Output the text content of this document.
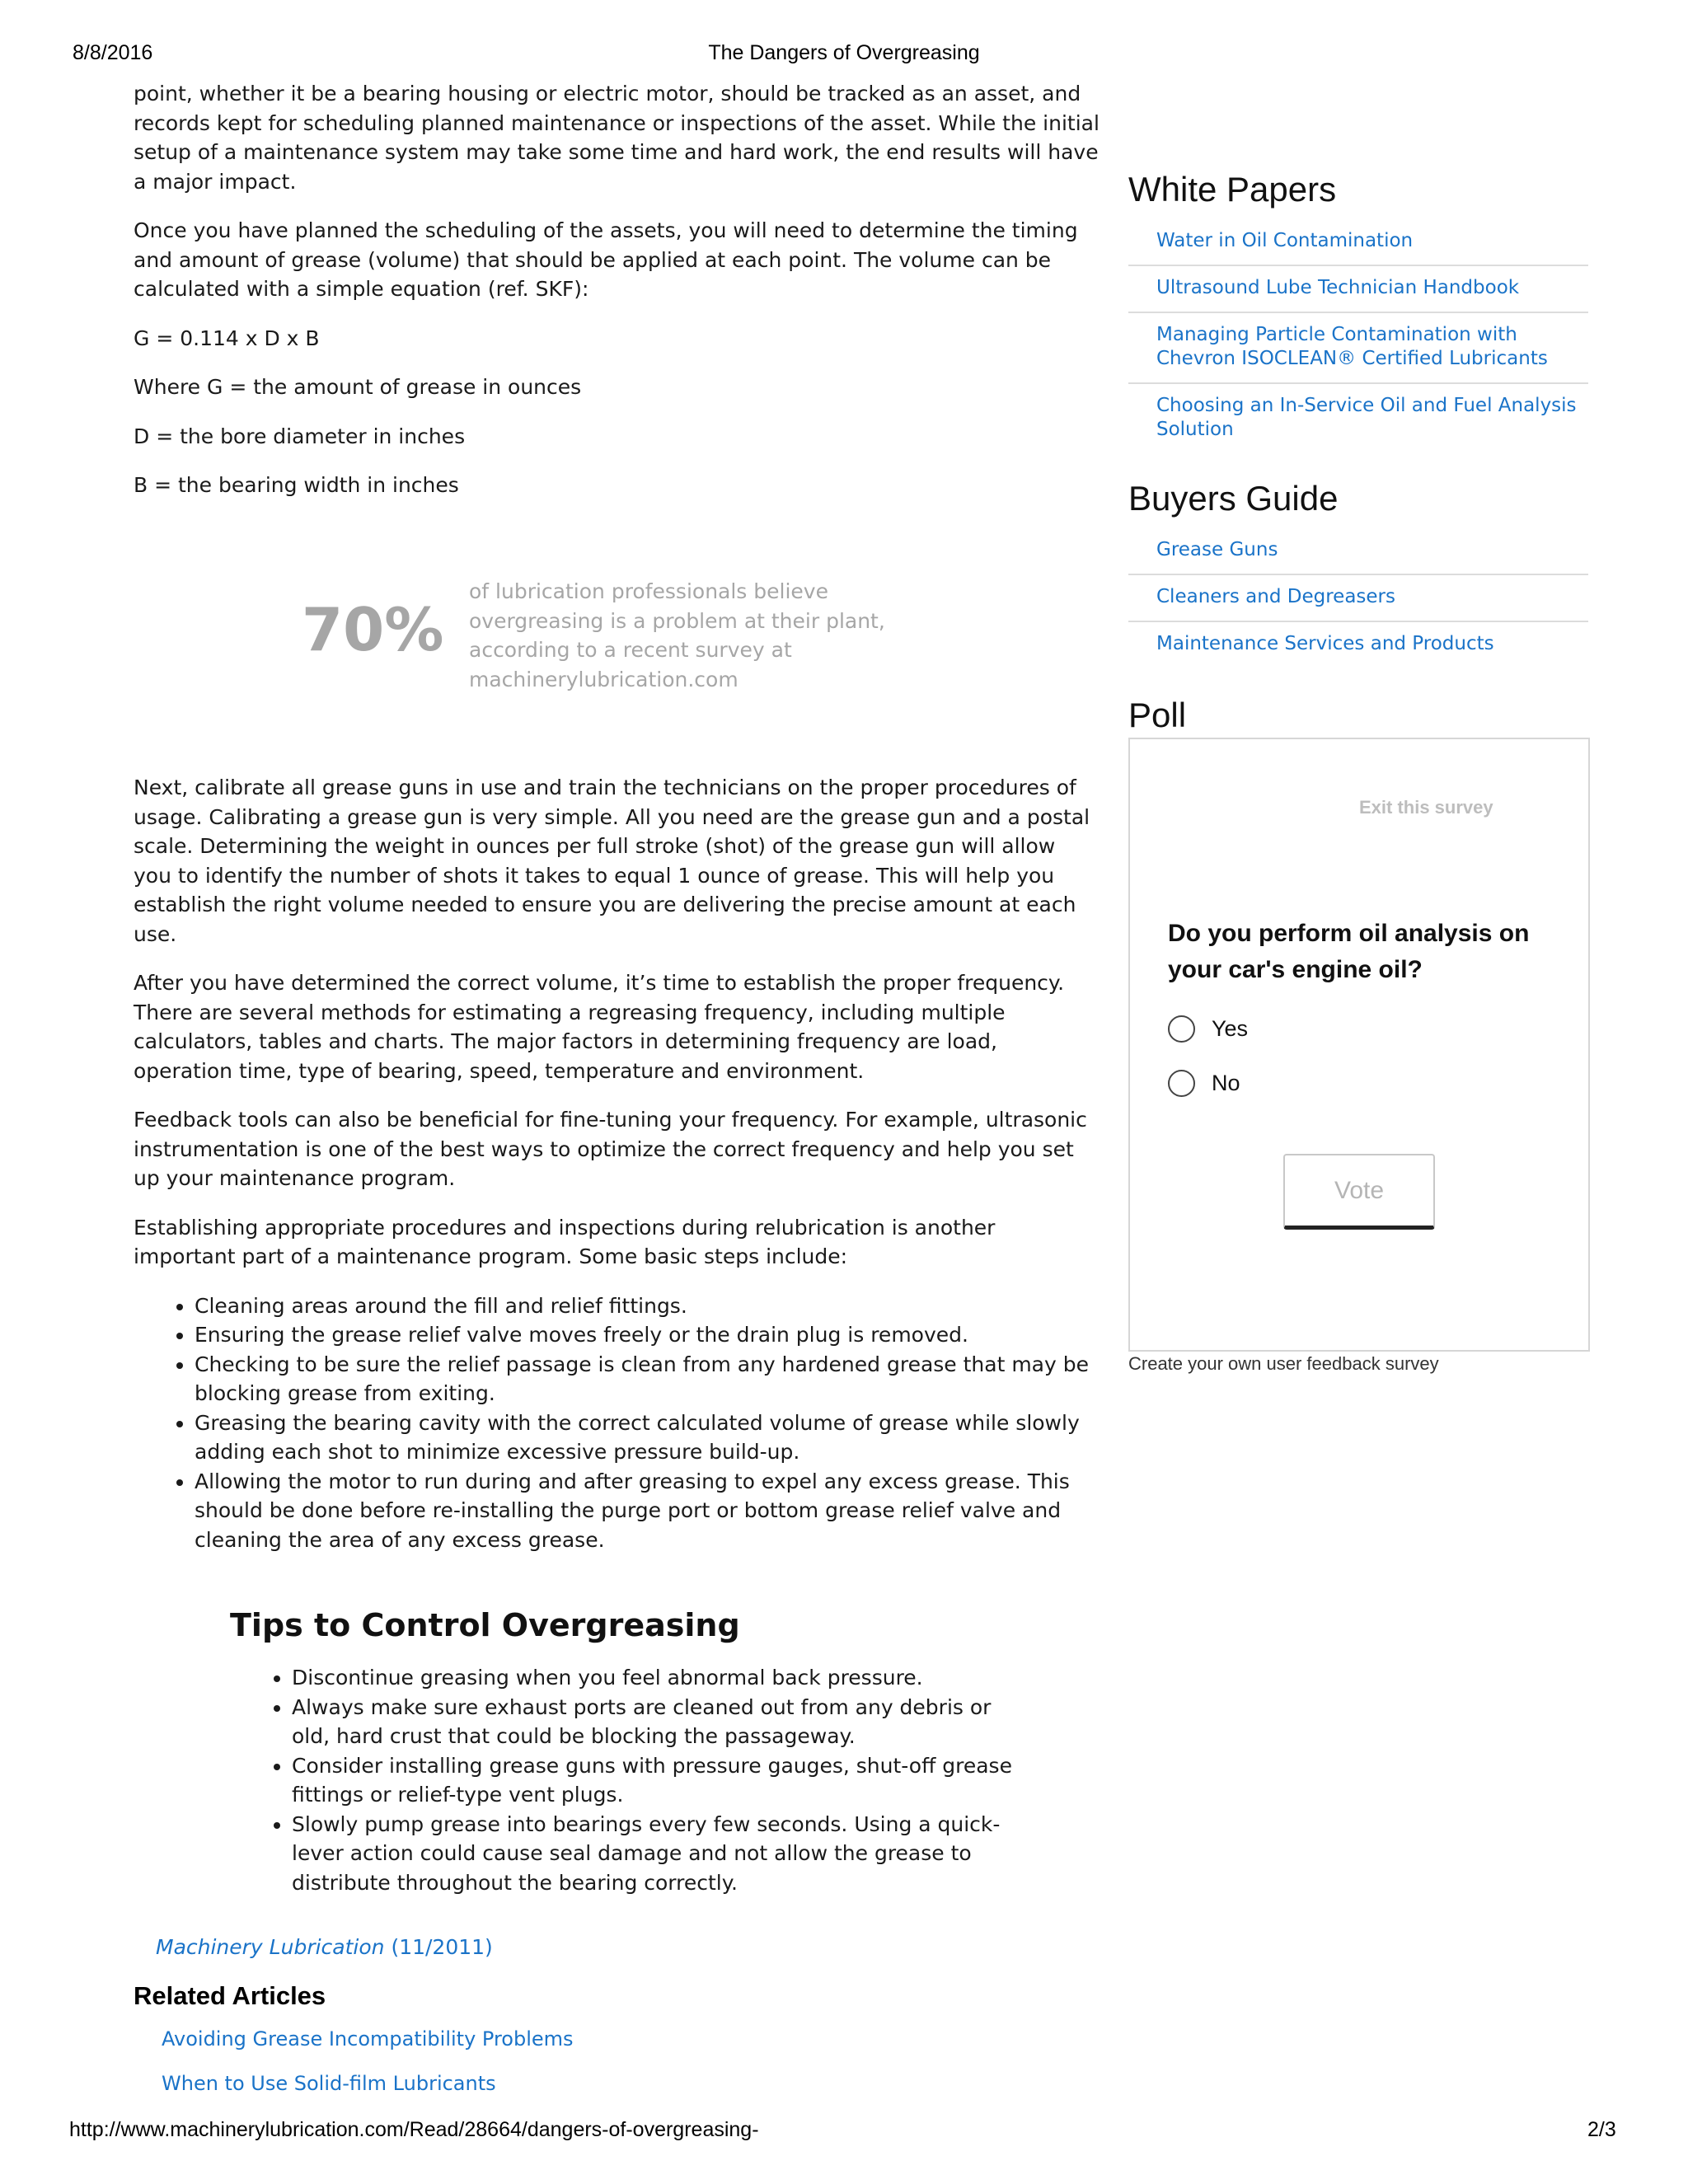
The Dangers of Overgreasing
8/8/2016

point, whether it be a bearing housing or electric motor, should be tracked as an asset, and records kept for scheduling planned maintenance or inspections of the asset. While the initial setup of a maintenance system may take some time and hard work, the end results will have a major impact.

Once you have planned the scheduling of the assets, you will need to determine the timing and amount of grease (volume) that should be applied at each point. The volume can be calculated with a simple equation (ref. SKF):

G = 0.114 x D x B

Where G = the amount of grease in ounces

D = the bore diameter in inches

B = the bearing width in inches

70%
of lubrication professionals believe overgreasing is a problem at their plant, according to a recent survey at machinerylubrication.com

Next, calibrate all grease guns in use and train the technicians on the proper procedures of usage. Calibrating a grease gun is very simple. All you need are the grease gun and a postal scale. Determining the weight in ounces per full stroke (shot) of the grease gun will allow you to identify the number of shots it takes to equal 1 ounce of grease. This will help you establish the right volume needed to ensure you are delivering the precise amount at each use.

After you have determined the correct volume, it’s time to establish the proper frequency. There are several methods for estimating a regreasing frequency, including multiple calculators, tables and charts. The major factors in determining frequency are load, operation time, type of bearing, speed, temperature and environment.

Feedback tools can also be beneficial for fine-tuning your frequency. For example, ultrasonic instrumentation is one of the best ways to optimize the correct frequency and help you set up your maintenance program.

Establishing appropriate procedures and inspections during relubrication is another important part of a maintenance program. Some basic steps include:

• Cleaning areas around the fill and relief fittings.
• Ensuring the grease relief valve moves freely or the drain plug is removed.
• Checking to be sure the relief passage is clean from any hardened grease that may be blocking grease from exiting.
• Greasing the bearing cavity with the correct calculated volume of grease while slowly adding each shot to minimize excessive pressure build-up.
• Allowing the motor to run during and after greasing to expel any excess grease. This should be done before re-installing the purge port or bottom grease relief valve and cleaning the area of any excess grease.
Tips to Control Overgreasing
• Discontinue greasing when you feel abnormal back pressure.
• Always make sure exhaust ports are cleaned out from any debris or old, hard crust that could be blocking the passageway.
• Consider installing grease guns with pressure gauges, shut-off grease fittings or relief-type vent plugs.
• Slowly pump grease into bearings every few seconds. Using a quick-lever action could cause seal damage and not allow the grease to distribute throughout the bearing correctly.
Machinery Lubrication (11/2011)
Related Articles
Avoiding Grease Incompatibility Problems
When to Use Solid-film Lubricants
White Papers
Water in Oil Contamination
Ultrasound Lube Technician Handbook
Managing Particle Contamination with Chevron ISOCLEAN® Certified Lubricants
Choosing an In-Service Oil and Fuel Analysis Solution
Buyers Guide
Grease Guns
Cleaners and Degreasers
Maintenance Services and Products
Poll
Exit this survey
Do you perform oil analysis on your car's engine oil?
Yes
No
Vote
Create your own user feedback survey
http://www.machinerylubrication.com/Read/28664/dangers-of-overgreasing-	2/3
